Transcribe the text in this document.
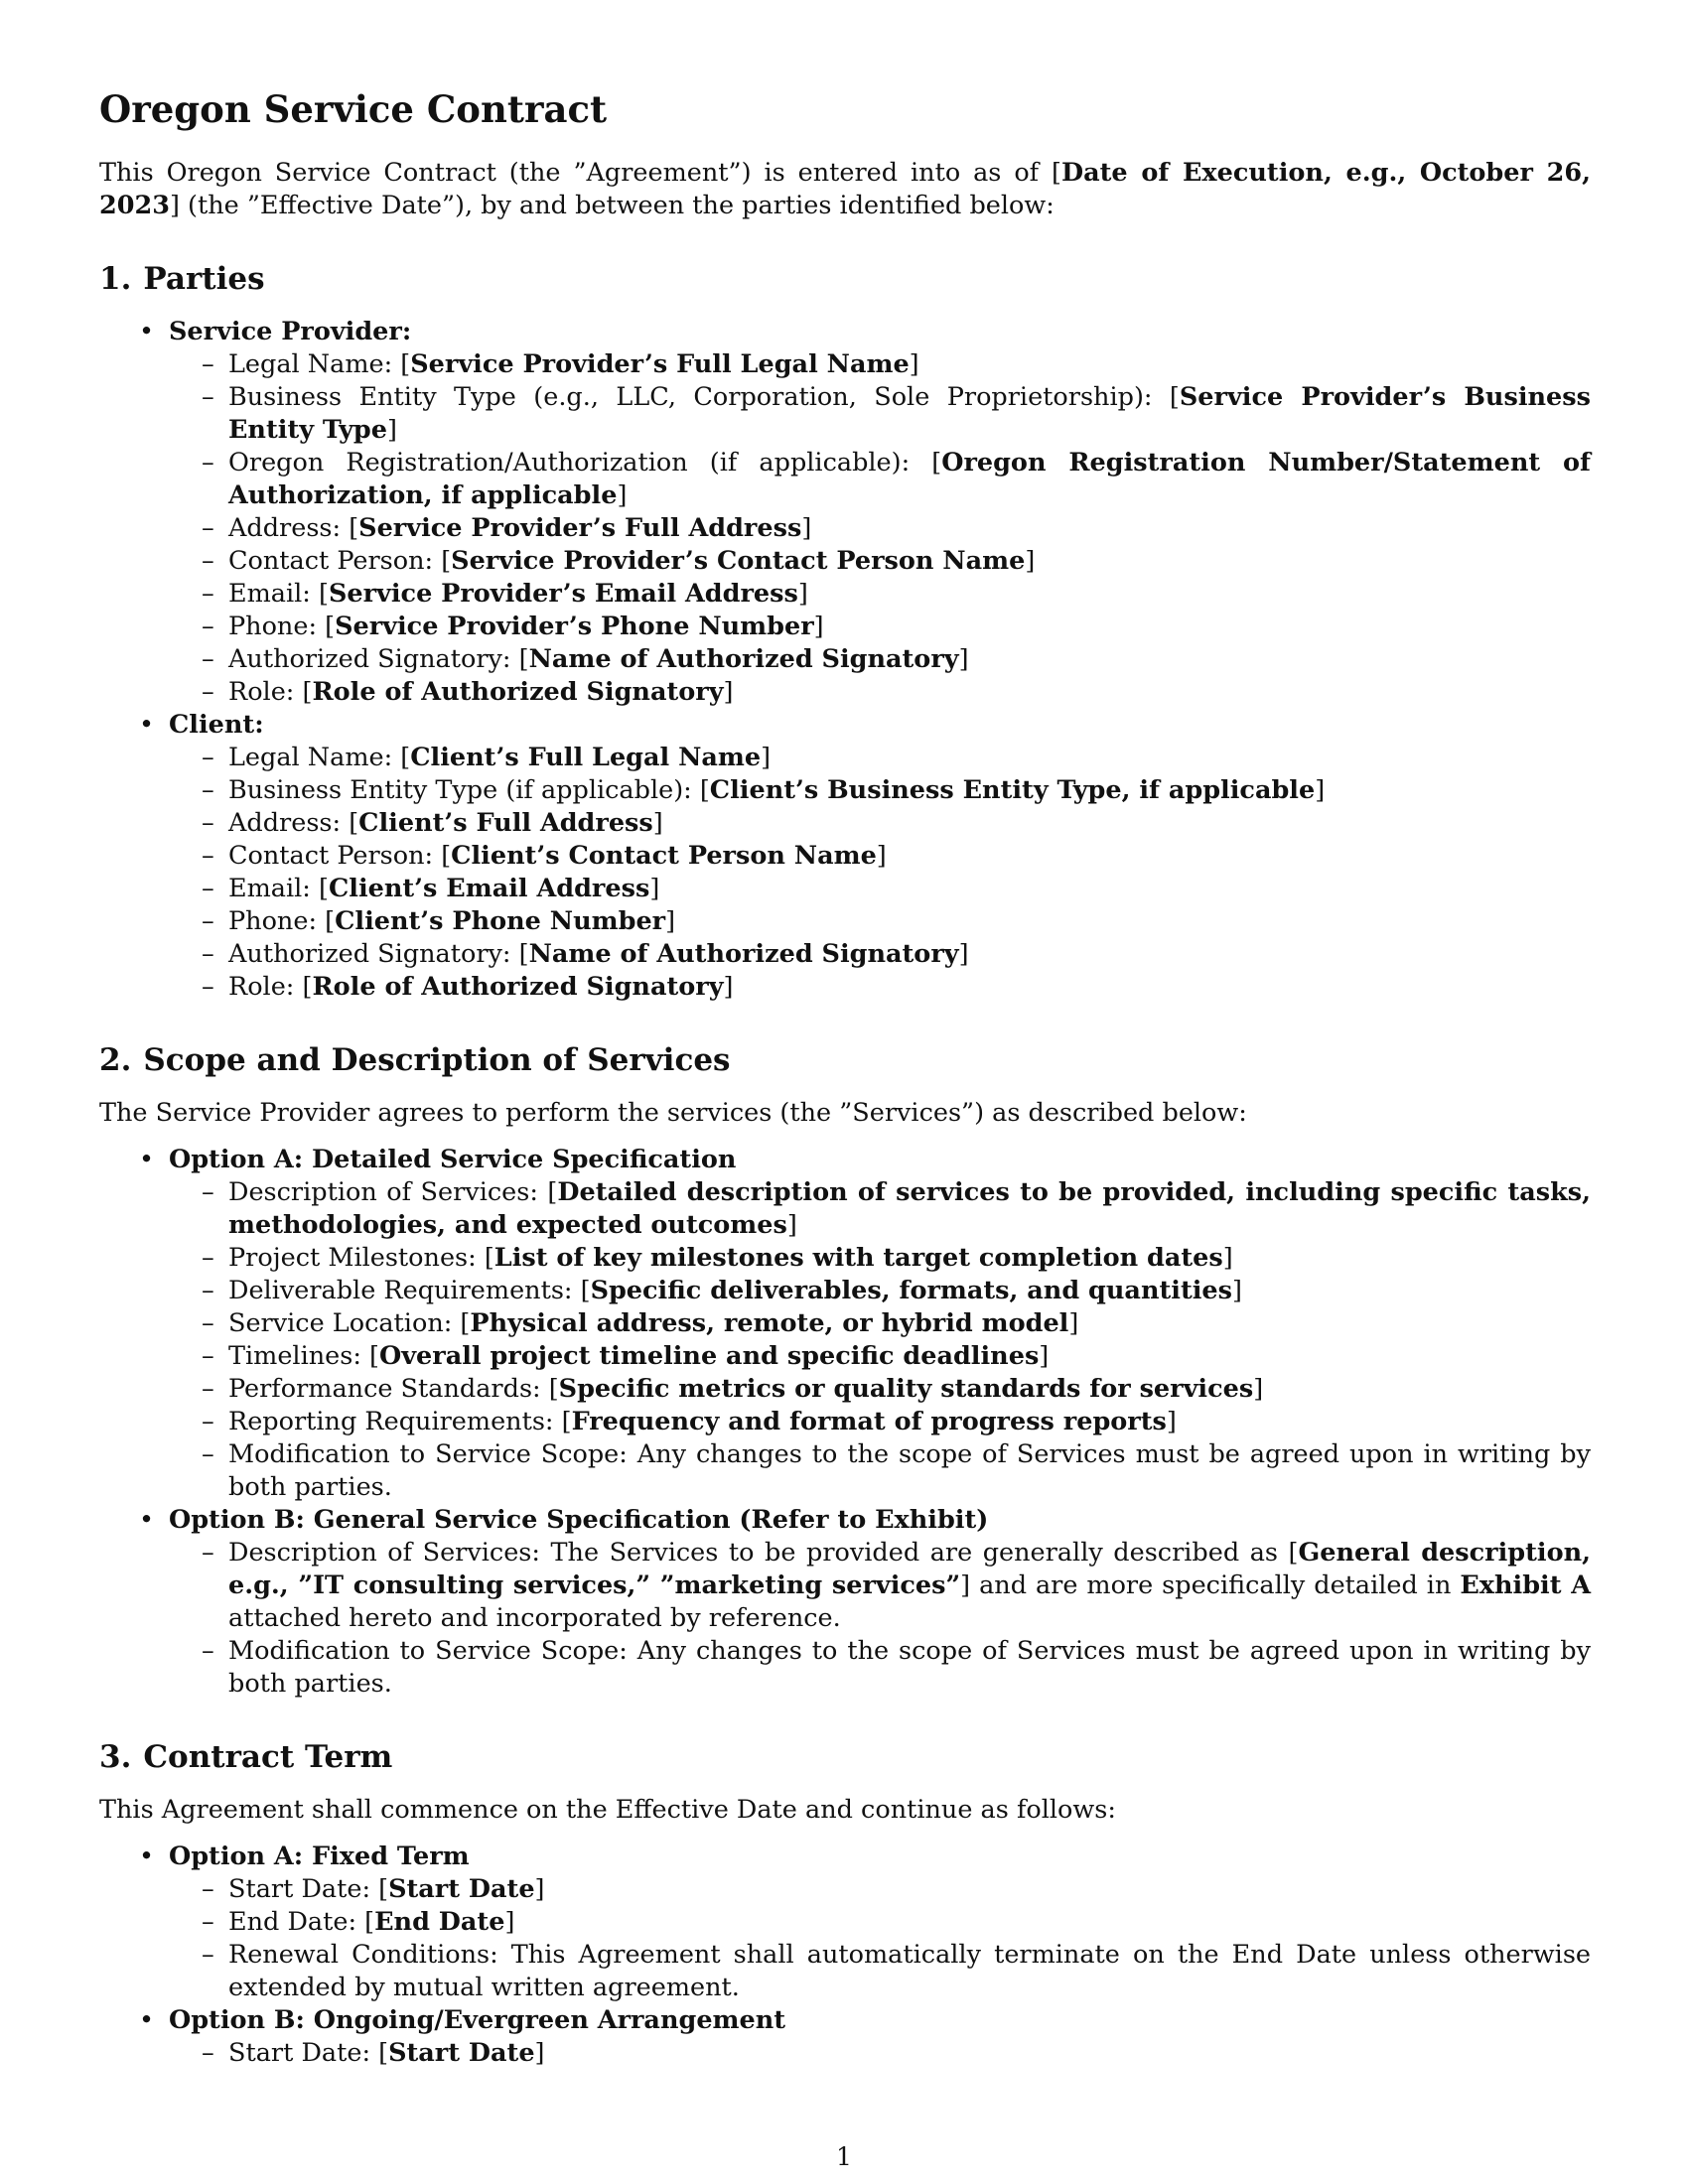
Oregon Service Contract

This Oregon Service Contract (the ”Agreement”) is entered into as of [Date of Execution, e.g., October 26, 2023] (the ”Effective Date”), by and between the parties identified below:

1. Parties
• Service Provider:
– Legal Name: [Service Provider’s Full Legal Name]
– Business Entity Type (e.g., LLC, Corporation, Sole Proprietorship): [Service Provider’s Business Entity Type]
– Oregon Registration/Authorization (if applicable): [Oregon Registration Number/Statement of Authorization, if applicable]
– Address: [Service Provider’s Full Address]
– Contact Person: [Service Provider’s Contact Person Name]
– Email: [Service Provider’s Email Address]
– Phone: [Service Provider’s Phone Number]
– Authorized Signatory: [Name of Authorized Signatory]
– Role: [Role of Authorized Signatory]
• Client:
– Legal Name: [Client’s Full Legal Name]
– Business Entity Type (if applicable): [Client’s Business Entity Type, if applicable]
– Address: [Client’s Full Address]
– Contact Person: [Client’s Contact Person Name]
– Email: [Client’s Email Address]
– Phone: [Client’s Phone Number]
– Authorized Signatory: [Name of Authorized Signatory]
– Role: [Role of Authorized Signatory]
2. Scope and Description of Services

The Service Provider agrees to perform the services (the ”Services”) as described below:

• Option A: Detailed Service Specification
– Description of Services: [Detailed description of services to be provided, including specific tasks, methodologies, and expected outcomes]
– Project Milestones: [List of key milestones with target completion dates]
– Deliverable Requirements: [Specific deliverables, formats, and quantities]
– Service Location: [Physical address, remote, or hybrid model]
– Timelines: [Overall project timeline and specific deadlines]
– Performance Standards: [Specific metrics or quality standards for services]
– Reporting Requirements: [Frequency and format of progress reports]
– Modification to Service Scope: Any changes to the scope of Services must be agreed upon in writing by both parties.
• Option B: General Service Specification (Refer to Exhibit)
– Description of Services: The Services to be provided are generally described as [General description, e.g., ”IT consulting services,” ”marketing services”] and are more specifically detailed in Exhibit A attached hereto and incorporated by reference.
– Modification to Service Scope: Any changes to the scope of Services must be agreed upon in writing by both parties.
3. Contract Term

This Agreement shall commence on the Effective Date and continue as follows:

• Option A: Fixed Term
– Start Date: [Start Date]
– End Date: [End Date]
– Renewal Conditions: This Agreement shall automatically terminate on the End Date unless otherwise extended by mutual written agreement.
• Option B: Ongoing/Evergreen Arrangement
– Start Date: [Start Date]
1
